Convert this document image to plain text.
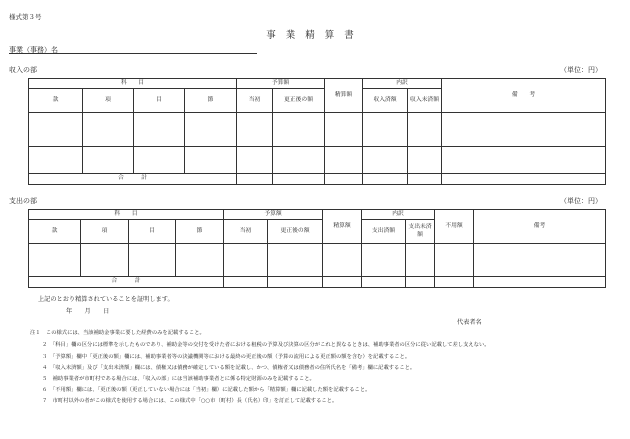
様式第３号
事業精算書
事業（事務）名
収入の部	（単位：円）
科　　目				予算額		精算額	内訳		備　　考
款	項	目	節	当初	更正後の額		収入済額	収入未済額	

合　　　計									
支出の部	（単位：円）
科　　目				予算額		精算額	内訳		不用額	備考
款	項	目	節	当初	更正後の額		支出済額	支出未済額		

合　　　計										
上記のとおり精算されていることを証明します。
年　　月　　日
代表者名
注１　この様式には、当該補助金事業に要した経費のみを記載すること。
２　「科目」欄の区分には標準を示したものであり、補助金等の交付を受けた者における租税の予算及び決算の区分がこれと異なるときは、補助事業者の区分に従い記載して差し支えない。
３　「予算額」欄中「更正後の額」欄には、補助事業者等の決議機関等における最終の更正後の額（予算の流用による更正額の額を含む）を記載すること。
４　「収入未済額」及び「支出未済額」欄には、債権又は債務が確定している額を記載し、かつ、債権者又は債務者の住所氏名を「備考」欄に記載すること。
５　補助事業者が市町村である場合には、「収入の部」には当該補助事業者とに係る特定財源のみを記載すること。
６　「不用額」欄には、「更正後の額（更正していない場合には「当初」欄）に記載した額から「精算額」欄に記載した額を記載すること。
７　市町村以外の者がこの様式を使用する場合には、この様式中「○○市（町村）長（氏名）印」を訂正して記載すること。
